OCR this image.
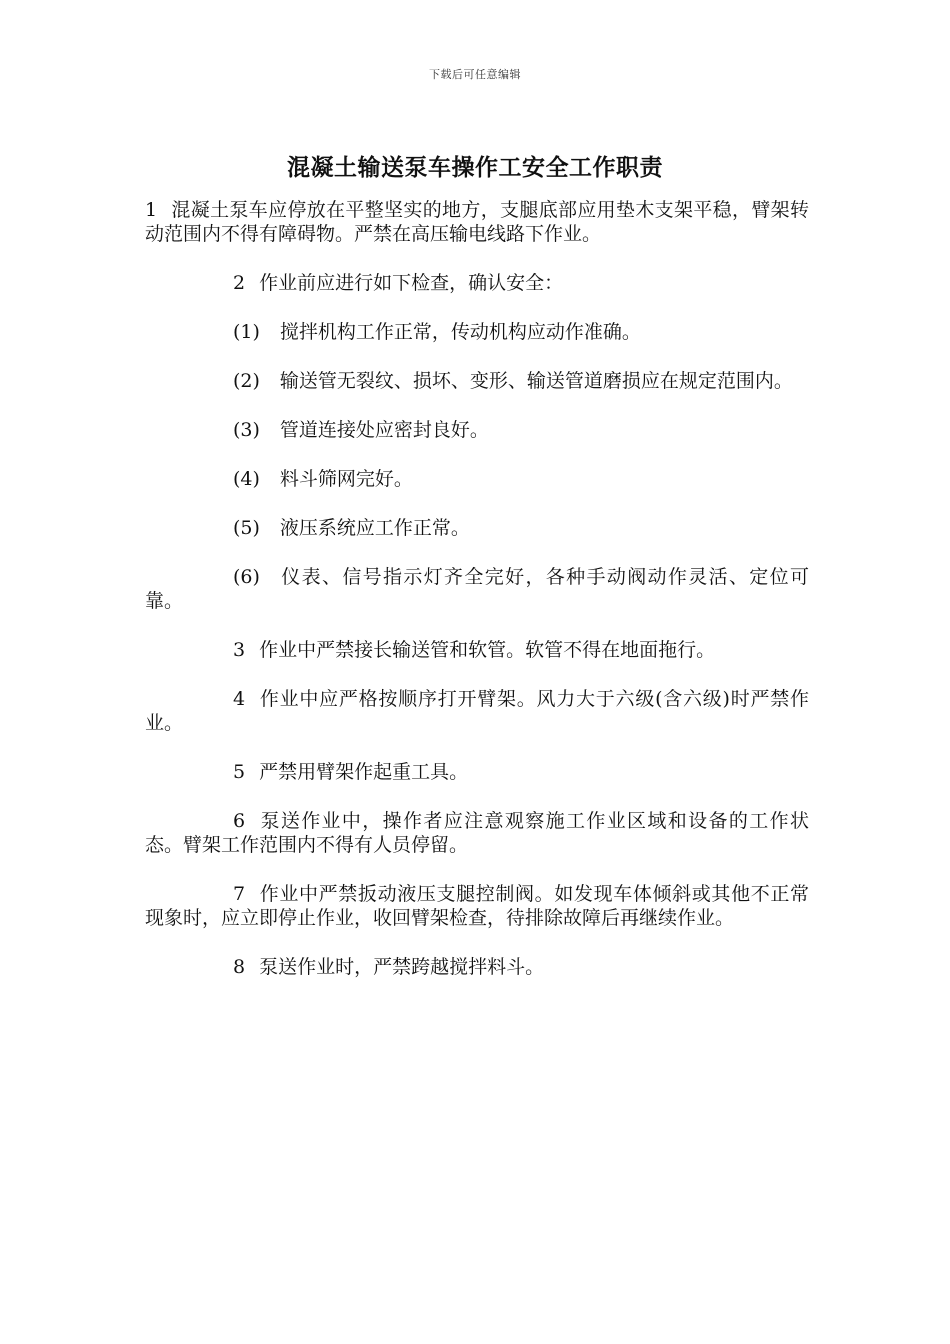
下载后可任意编辑
混凝土输送泵车操作工安全工作职责

1 混凝土泵车应停放在平整坚实的地方，支腿底部应用垫木支架平稳，臂架转动范围内不得有障碍物。严禁在高压输电线路下作业。

2 作业前应进行如下检查，确认安全：

(1) 搅拌机构工作正常，传动机构应动作准确。

(2) 输送管无裂纹、损坏、变形、输送管道磨损应在规定范围内。

(3) 管道连接处应密封良好。

(4) 料斗筛网完好。

(5) 液压系统应工作正常。

(6) 仪表、信号指示灯齐全完好，各种手动阀动作灵活、定位可靠。

3 作业中严禁接长输送管和软管。软管不得在地面拖行。

4 作业中应严格按顺序打开臂架。风力大于六级(含六级)时严禁作业。

5 严禁用臂架作起重工具。

6 泵送作业中，操作者应注意观察施工作业区域和设备的工作状态。臂架工作范围内不得有人员停留。

7 作业中严禁扳动液压支腿控制阀。如发现车体倾斜或其他不正常现象时，应立即停止作业，收回臂架检查，待排除故障后再继续作业。

8 泵送作业时，严禁跨越搅拌料斗。
